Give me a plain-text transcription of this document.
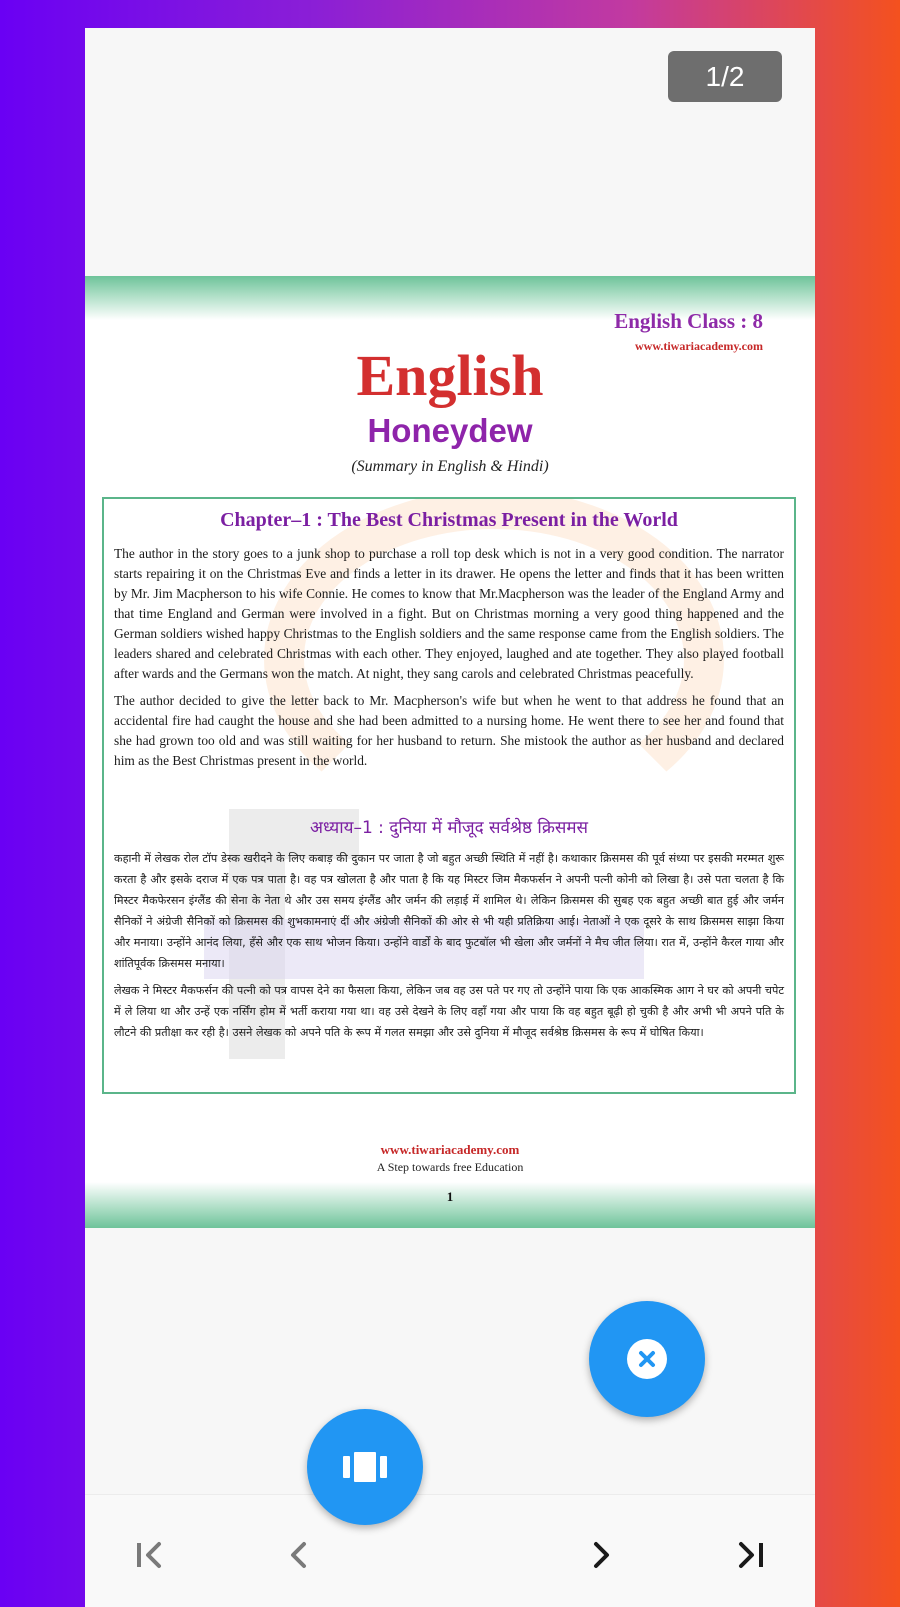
1/2
English Class : 8
www.tiwariacademy.com
English
Honeydew
(Summary in English & Hindi)
Chapter–1 : The Best Christmas Present in the World

The author in the story goes to a junk shop to purchase a roll top desk which is not in a very good condition. The narrator starts repairing it on the Christmas Eve and finds a letter in its drawer. He opens the letter and finds that it has been written by Mr. Jim Macpherson to his wife Connie. He comes to know that Mr.Macpherson was the leader of the England Army and that time England and German were involved in a fight. But on Christmas morning a very good thing happened and the German soldiers wished happy Christmas to the English soldiers and the same response came from the English soldiers. The leaders shared and celebrated Christmas with each other. They enjoyed, laughed and ate together. They also played football after wards and the Germans won the match. At night, they sang carols and celebrated Christmas peacefully.

The author decided to give the letter back to Mr. Macpherson's wife but when he went to that address he found that an accidental fire had caught the house and she had been admitted to a nursing home. He went there to see her and found that she had grown too old and was still waiting for her husband to return. She mistook the author as her husband and declared him as the Best Christmas present in the world.

अध्याय–1 : दुनिया में मौजूद सर्वश्रेष्ठ क्रिसमस

कहानी में लेखक रोल टॉप डेस्क खरीदने के लिए कबाड़ की दुकान पर जाता है जो बहुत अच्छी स्थिति में नहीं है। कथाकार क्रिसमस की पूर्व संध्या पर इसकी मरम्मत शुरू करता है और इसके दराज में एक पत्र पाता है। वह पत्र खोलता है और पाता है कि यह मिस्टर जिम मैकफर्सन ने अपनी पत्नी कोनी को लिखा है। उसे पता चलता है कि मिस्टर मैकफेरसन इंग्लैंड की सेना के नेता थे और उस समय इंग्लैंड और जर्मन की लड़ाई में शामिल थे। लेकिन क्रिसमस की सुबह एक बहुत अच्छी बात हुई और जर्मन सैनिकों ने अंग्रेजी सैनिकों को क्रिसमस की शुभकामनाएं दीं और अंग्रेजी सैनिकों की ओर से भी यही प्रतिक्रिया आई। नेताओं ने एक दूसरे के साथ क्रिसमस साझा किया और मनाया। उन्होंने आनंद लिया, हँसे और एक साथ भोजन किया। उन्होंने वार्डों के बाद फुटबॉल भी खेला और जर्मनों ने मैच जीत लिया। रात में, उन्होंने कैरल गाया और शांतिपूर्वक क्रिसमस मनाया।

लेखक ने मिस्टर मैकफर्सन की पत्नी को पत्र वापस देने का फैसला किया, लेकिन जब वह उस पते पर गए तो उन्होंने पाया कि एक आकस्मिक आग ने घर को अपनी चपेट में ले लिया था और उन्हें एक नर्सिंग होम में भर्ती कराया गया था। वह उसे देखने के लिए वहाँ गया और पाया कि वह बहुत बूढ़ी हो चुकी है और अभी भी अपने पति के लौटने की प्रतीक्षा कर रही है। उसने लेखक को अपने पति के रूप में गलत समझा और उसे दुनिया में मौजूद सर्वश्रेष्ठ क्रिसमस के रूप में घोषित किया।

www.tiwariacademy.com
A Step towards free Education
1
